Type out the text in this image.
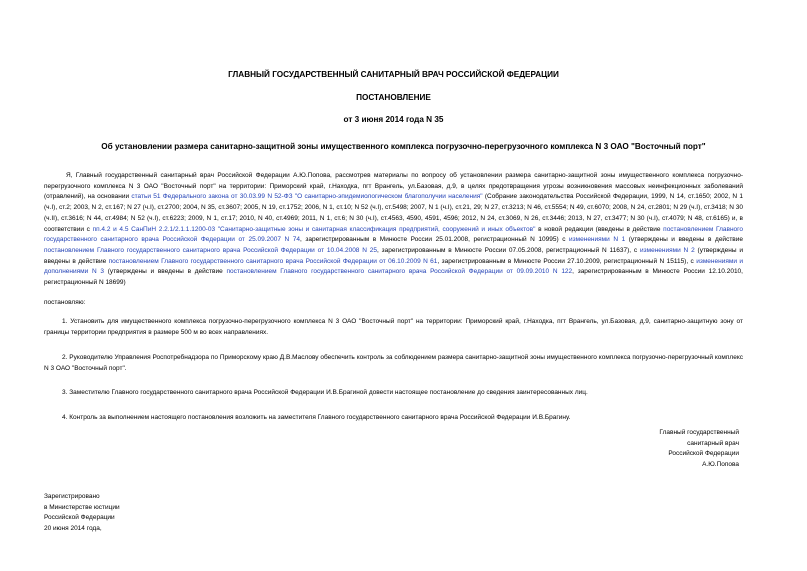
ГЛАВНЫЙ ГОСУДАРСТВЕННЫЙ САНИТАРНЫЙ ВРАЧ РОССИЙСКОЙ ФЕДЕРАЦИИ
ПОСТАНОВЛЕНИЕ
от 3 июня 2014 года N 35
Об установлении размера санитарно-защитной зоны имущественного комплекса погрузочно-перегрузочного комплекса N 3 ОАО "Восточный порт"

Я, Главный государственный санитарный врач Российской Федерации А.Ю.Попова, рассмотрев материалы по вопросу об установлении размера санитарно-защитной зоны имущественного комплекса погрузочно-перегрузочного комплекса N 3 ОАО "Восточный порт" на территории: Приморский край, г.Находка, пгт Врангель, ул.Базовая, д.9, в целях предотвращения угрозы возникновения массовых неинфекционных заболеваний (отравлений), на основании статьи 51 Федерального закона от 30.03.99 N 52-ФЗ "О санитарно-эпидемиологическом благополучии населения" (Собрание законодательства Российской Федерации, 1999, N 14, ст.1650; 2002, N 1 (ч.I), ст.2; 2003, N 2, ст.167; N 27 (ч.I), ст.2700; 2004, N 35, ст.3607; 2005, N 19, ст.1752; 2006, N 1, ст.10; N 52 (ч.I), ст.5498; 2007, N 1 (ч.I), ст.21, 29; N 27, ст.3213; N 46, ст.5554; N 49, ст.6070; 2008, N 24, ст.2801; N 29 (ч.I), ст.3418; N 30 (ч.II), ст.3616; N 44, ст.4984; N 52 (ч.I), ст.6223; 2009, N 1, ст.17; 2010, N 40, ст.4969; 2011, N 1, ст.6; N 30 (ч.I), ст.4563, 4590, 4591, 4596; 2012, N 24, ст.3069, N 26, ст.3446; 2013, N 27, ст.3477; N 30 (ч.I), ст.4079; N 48, ст.6165) и, в соответствии с пп.4.2 и 4.5 СанПиН 2.2.1/2.1.1.1200-03 "Санитарно-защитные зоны и санитарная классификация предприятий, сооружений и иных объектов" в новой редакции (введены в действие постановлением Главного государственного санитарного врача Российской Федерации от 25.09.2007 N 74, зарегистрированным в Минюсте России 25.01.2008, регистрационный N 10995) с изменениями N 1 (утверждены и введены в действие постановлением Главного государственного санитарного врача Российской Федерации от 10.04.2008 N 25, зарегистрированным в Минюсте России 07.05.2008, регистрационный N 11637), с изменениями N 2 (утверждены и введены в действие постановлением Главного государственного санитарного врача Российской Федерации от 06.10.2009 N 61, зарегистрированным в Минюсте России 27.10.2009, регистрационный N 15115), с изменениями и дополнениями N 3 (утверждены и введены в действие постановлением Главного государственного санитарного врача Российской Федерации от 09.09.2010 N 122, зарегистрированным в Минюсте России 12.10.2010, регистрационный N 18699)

постановляю:

1. Установить для имущественного комплекса погрузочно-перегрузочного комплекса N 3 ОАО "Восточный порт" на территории: Приморский край, г.Находка, пгт Врангель, ул.Базовая, д.9, санитарно-защитную зону от границы территории предприятия в размере 500 м во всех направлениях.

2. Руководителю Управления Роспотребнадзора по Приморскому краю Д.В.Маслову обеспечить контроль за соблюдением размера санитарно-защитной зоны имущественного комплекса погрузочно-перегрузочный комплекс N 3 ОАО "Восточный порт".

3. Заместителю Главного государственного санитарного врача Российской Федерации И.В.Брагиной довести настоящее постановление до сведения заинтересованных лиц.

4. Контроль за выполнением настоящего постановления возложить на заместителя Главного государственного санитарного врача Российской Федерации И.В.Брагину.

Главный государственный
санитарный врач
Российской Федерации
А.Ю.Попова
Зарегистрировано
в Министерстве юстиции
Российской Федерации
20 июня 2014 года,
